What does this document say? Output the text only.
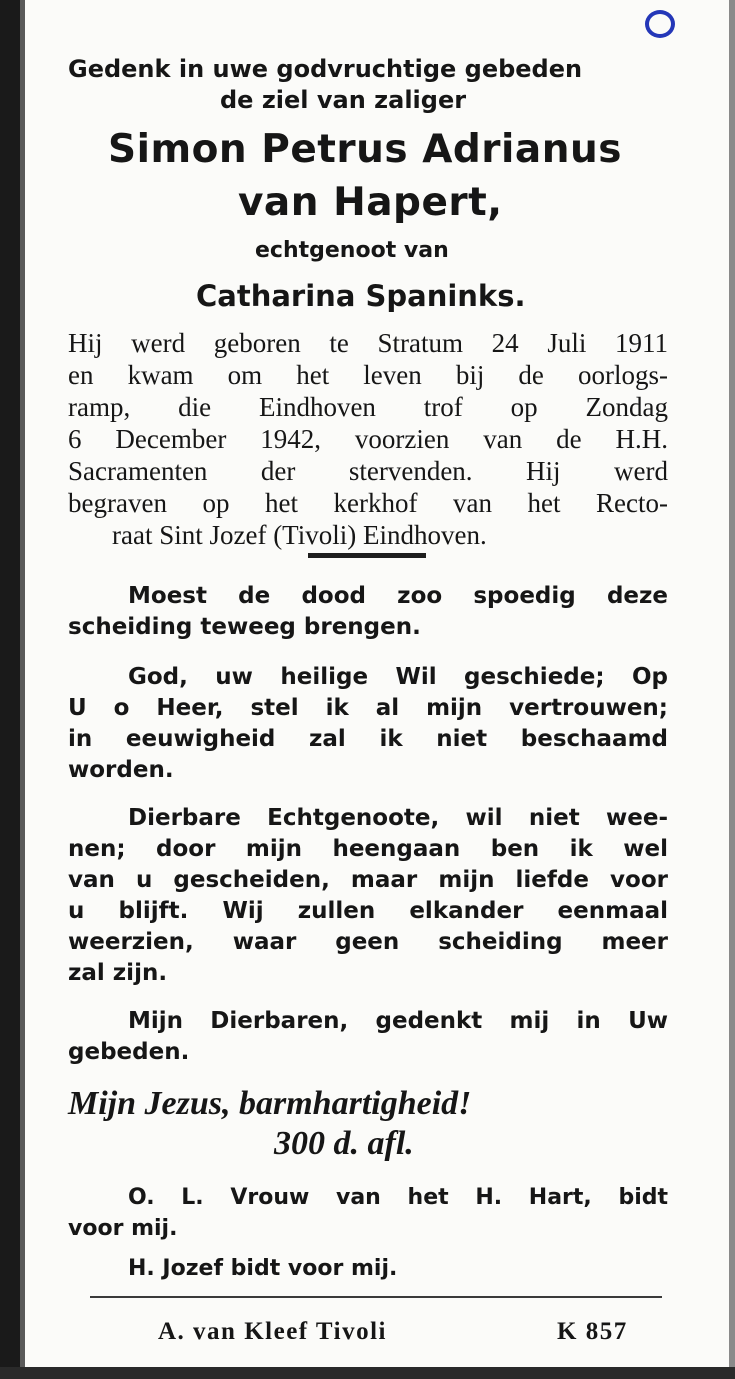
Gedenk in uwe godvruchtige gebeden
de ziel van zaliger
Simon Petrus Adrianus
van Hapert,
echtgenoot van
Catharina Spaninks.
Hij werd geboren te Stratum 24 Juli 1911
en kwam om het leven bij de oorlogs-
ramp, die Eindhoven trof op Zondag
6 December 1942, voorzien van de H.H.
Sacramenten der stervenden. Hij werd
begraven op het kerkhof van het Recto-
raat Sint Jozef (Tivoli) Eindhoven.
Moest de dood zoo spoedig deze
scheiding teweeg brengen.
God, uw heilige Wil geschiede; Op
U o Heer, stel ik al mijn vertrouwen;
in eeuwigheid zal ik niet beschaamd
worden.
Dierbare Echtgenoote, wil niet wee-
nen; door mijn heengaan ben ik wel
van u gescheiden, maar mijn liefde voor
u blijft. Wij zullen elkander eenmaal
weerzien, waar geen scheiding meer
zal zijn.
Mijn Dierbaren, gedenkt mij in Uw
gebeden.
Mijn Jezus, barmhartigheid!
300 d. afl.
O. L. Vrouw van het H. Hart, bidt
voor mij.
H. Jozef bidt voor mij.
A. van Kleef Tivoli	K 857
